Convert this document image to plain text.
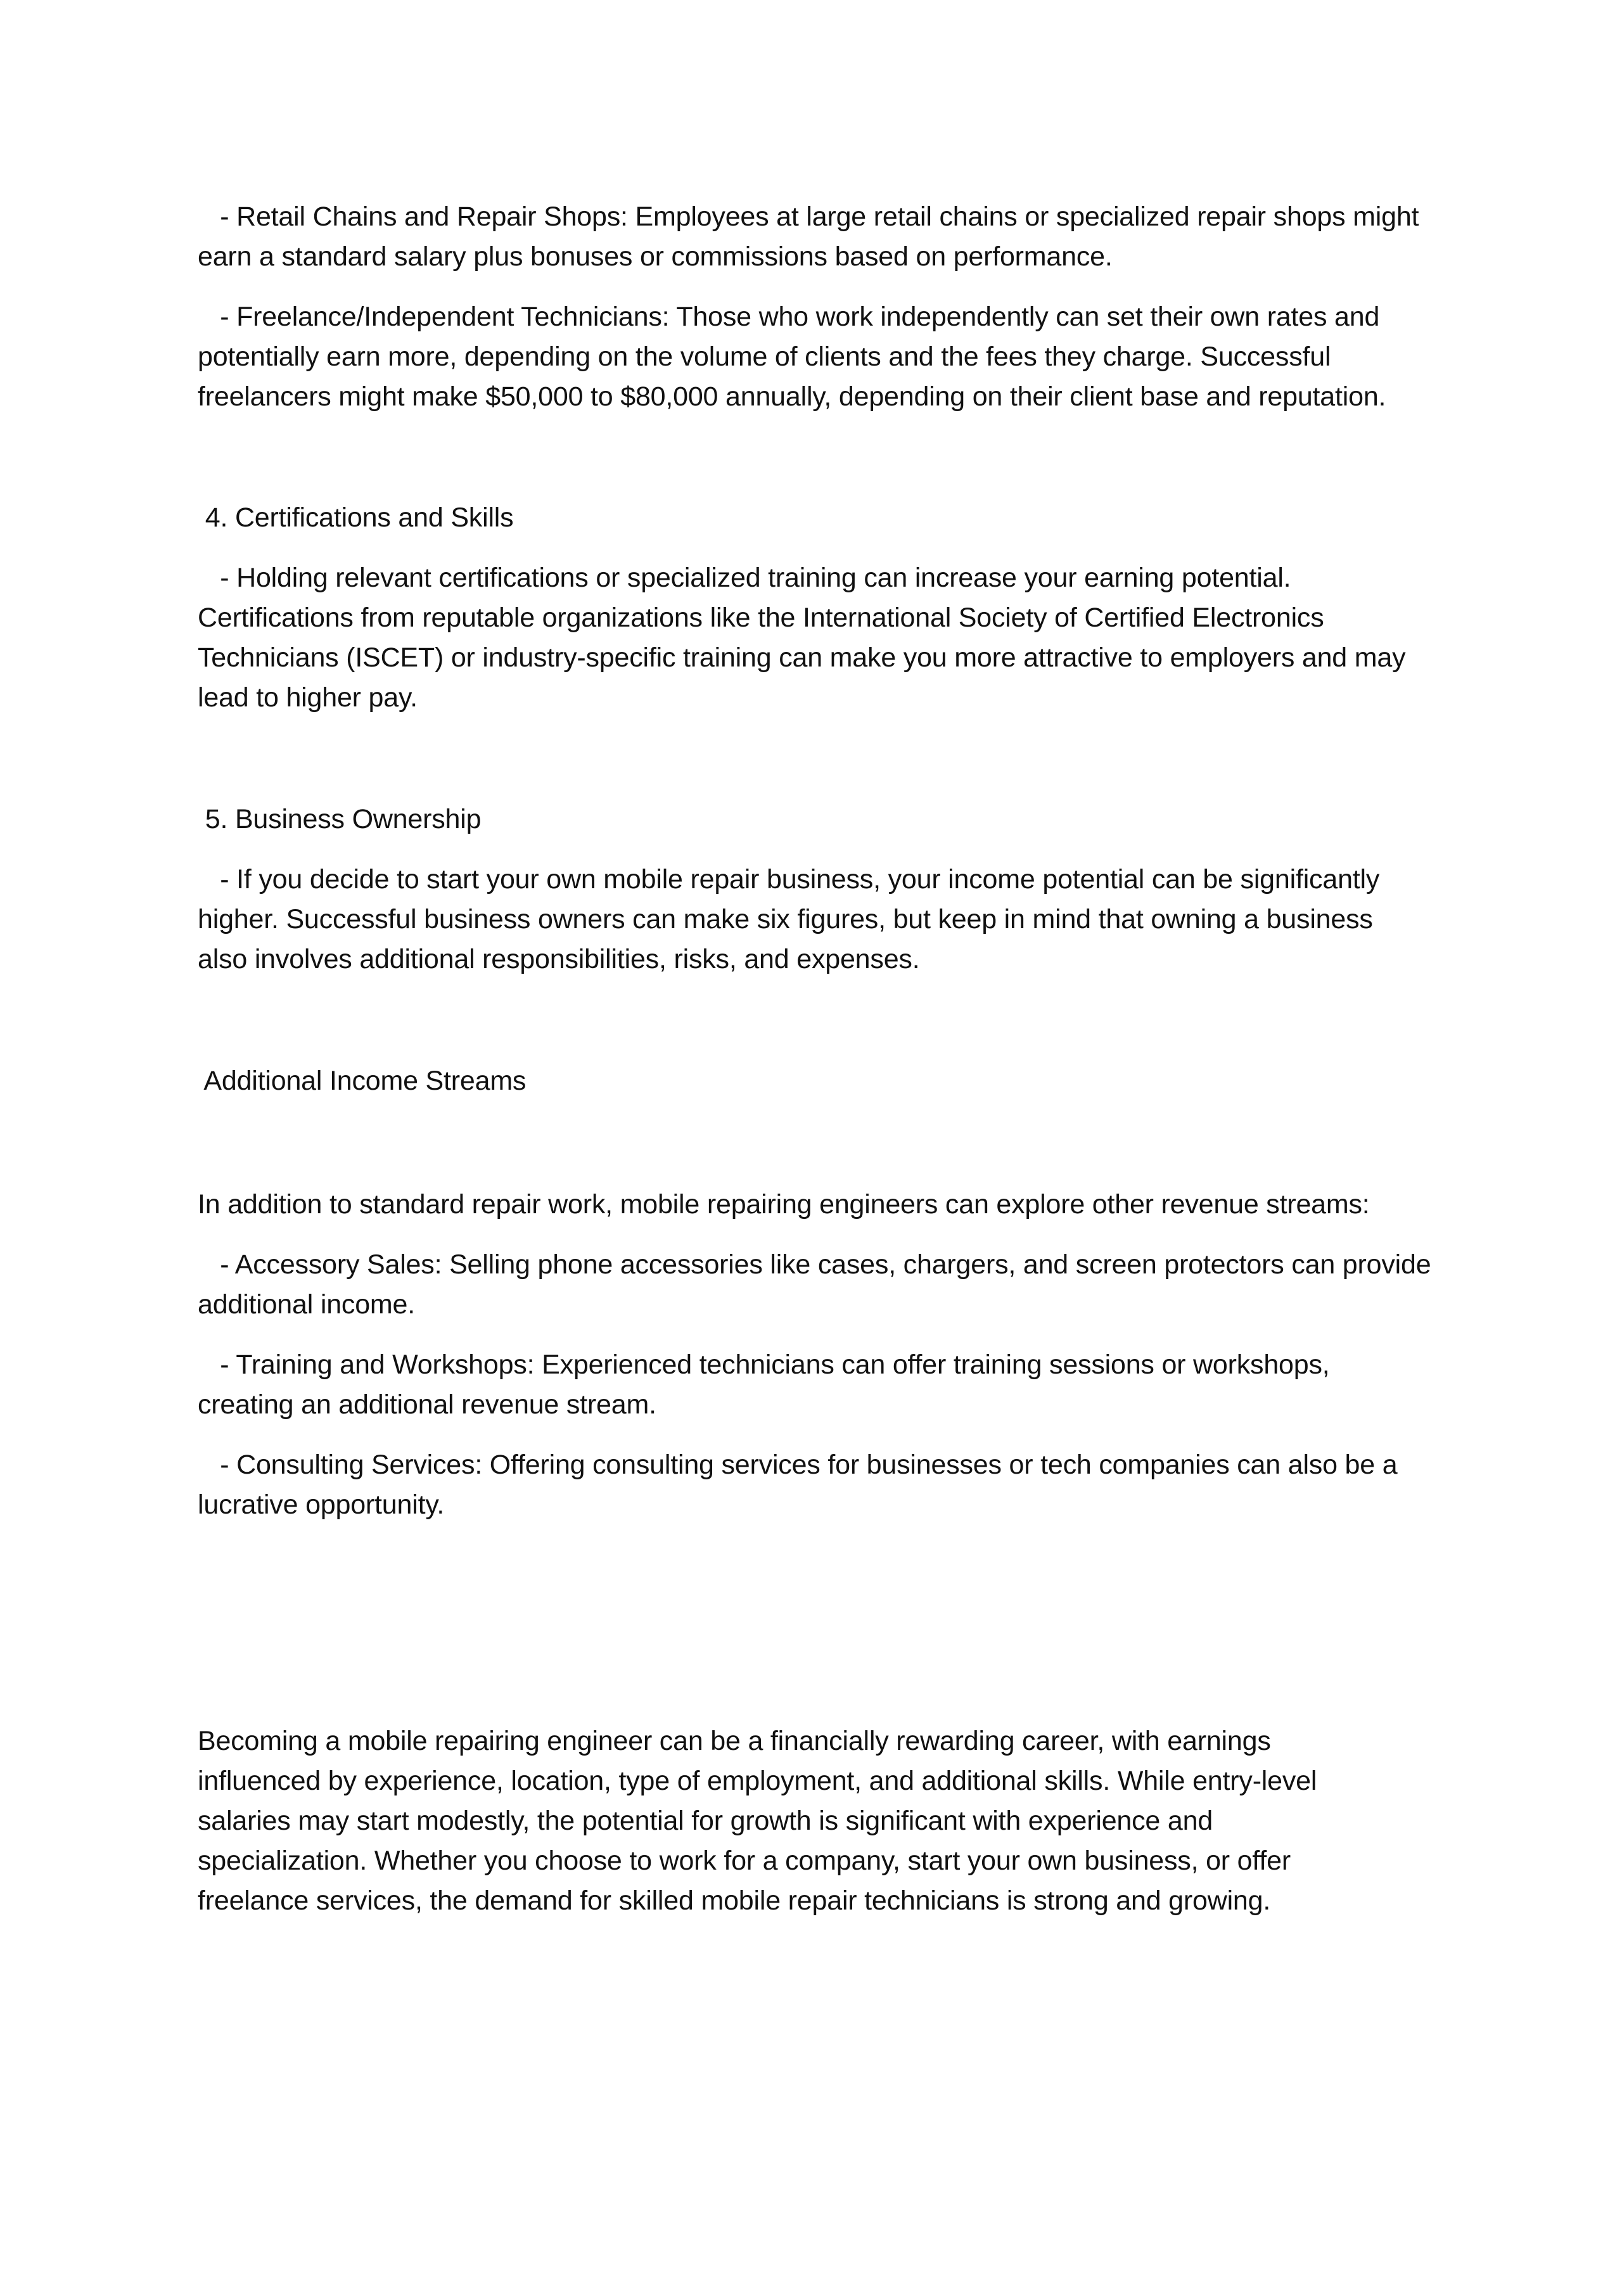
- Retail Chains and Repair Shops: Employees at large retail chains or specialized repair shops might

earn a standard salary plus bonuses or commissions based on performance.

- Freelance/Independent Technicians: Those who work independently can set their own rates and

potentially earn more, depending on the volume of clients and the fees they charge. Successful

freelancers might make $50,000 to $80,000 annually, depending on their client base and reputation.

4. Certifications and Skills

- Holding relevant certifications or specialized training can increase your earning potential.

Certifications from reputable organizations like the International Society of Certified Electronics

Technicians (ISCET) or industry-specific training can make you more attractive to employers and may

lead to higher pay.

5. Business Ownership

- If you decide to start your own mobile repair business, your income potential can be significantly

higher. Successful business owners can make six figures, but keep in mind that owning a business

also involves additional responsibilities, risks, and expenses.

Additional Income Streams

In addition to standard repair work, mobile repairing engineers can explore other revenue streams:

- Accessory Sales: Selling phone accessories like cases, chargers, and screen protectors can provide

additional income.

- Training and Workshops: Experienced technicians can offer training sessions or workshops,

creating an additional revenue stream.

- Consulting Services: Offering consulting services for businesses or tech companies can also be a

lucrative opportunity.

Becoming a mobile repairing engineer can be a financially rewarding career, with earnings

influenced by experience, location, type of employment, and additional skills. While entry-level

salaries may start modestly, the potential for growth is significant with experience and

specialization. Whether you choose to work for a company, start your own business, or offer

freelance services, the demand for skilled mobile repair technicians is strong and growing.
